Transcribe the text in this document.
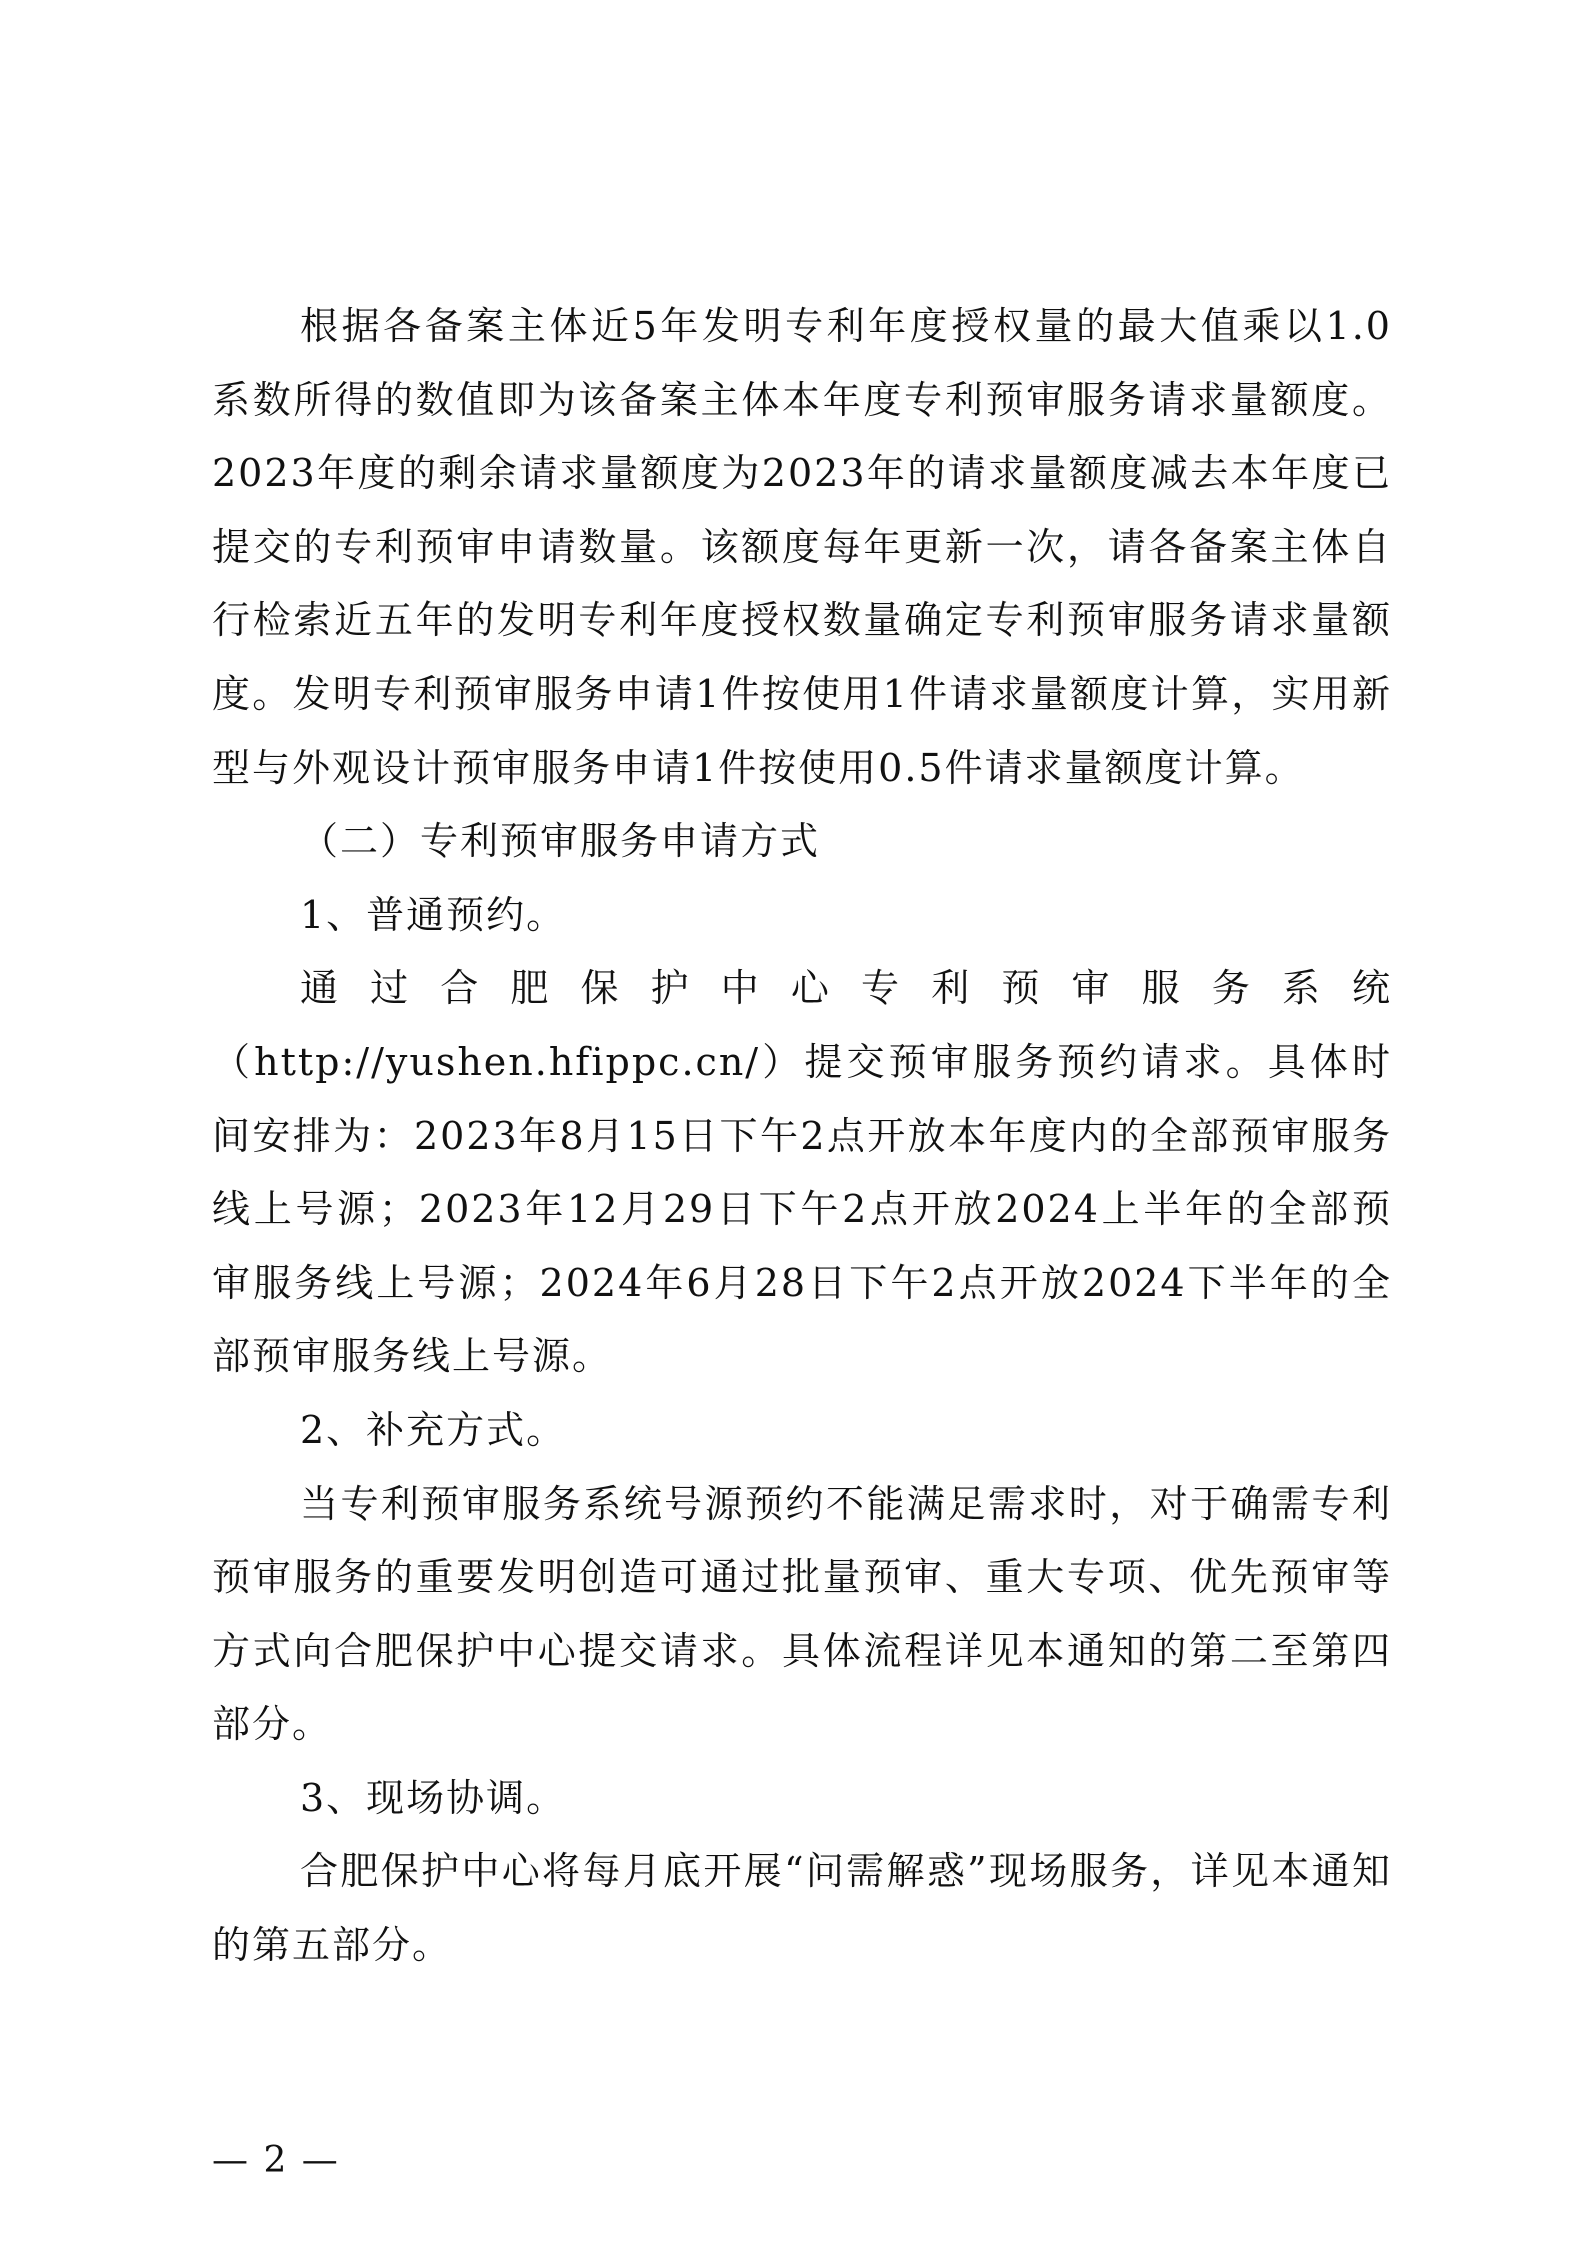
根据各备案主体近5年发明专利年度授权量的最大值乘以1.0系数所得的数值即为该备案主体本年度专利预审服务请求量额度。2023年度的剩余请求量额度为2023年的请求量额度减去本年度已提交的专利预审申请数量。该额度每年更新一次，请各备案主体自行检索近五年的发明专利年度授权数量确定专利预审服务请求量额度。发明专利预审服务申请1件按使用1件请求量额度计算，实用新型与外观设计预审服务申请1件按使用0.5件请求量额度计算。

（二）专利预审服务申请方式

1、普通预约。

通过合肥保护中心专利预审服务系统（http://yushen.hfippc.cn/）提交预审服务预约请求。具体时间安排为：2023年8月15日下午2点开放本年度内的全部预审服务线上号源；2023年12月29日下午2点开放2024上半年的全部预审服务线上号源；2024年6月28日下午2点开放2024下半年的全部预审服务线上号源。

2、补充方式。

当专利预审服务系统号源预约不能满足需求时，对于确需专利预审服务的重要发明创造可通过批量预审、重大专项、优先预审等方式向合肥保护中心提交请求。具体流程详见本通知的第二至第四部分。

3、现场协调。

合肥保护中心将每月底开展“问需解惑”现场服务，详见本通知的第五部分。

— 2 —
